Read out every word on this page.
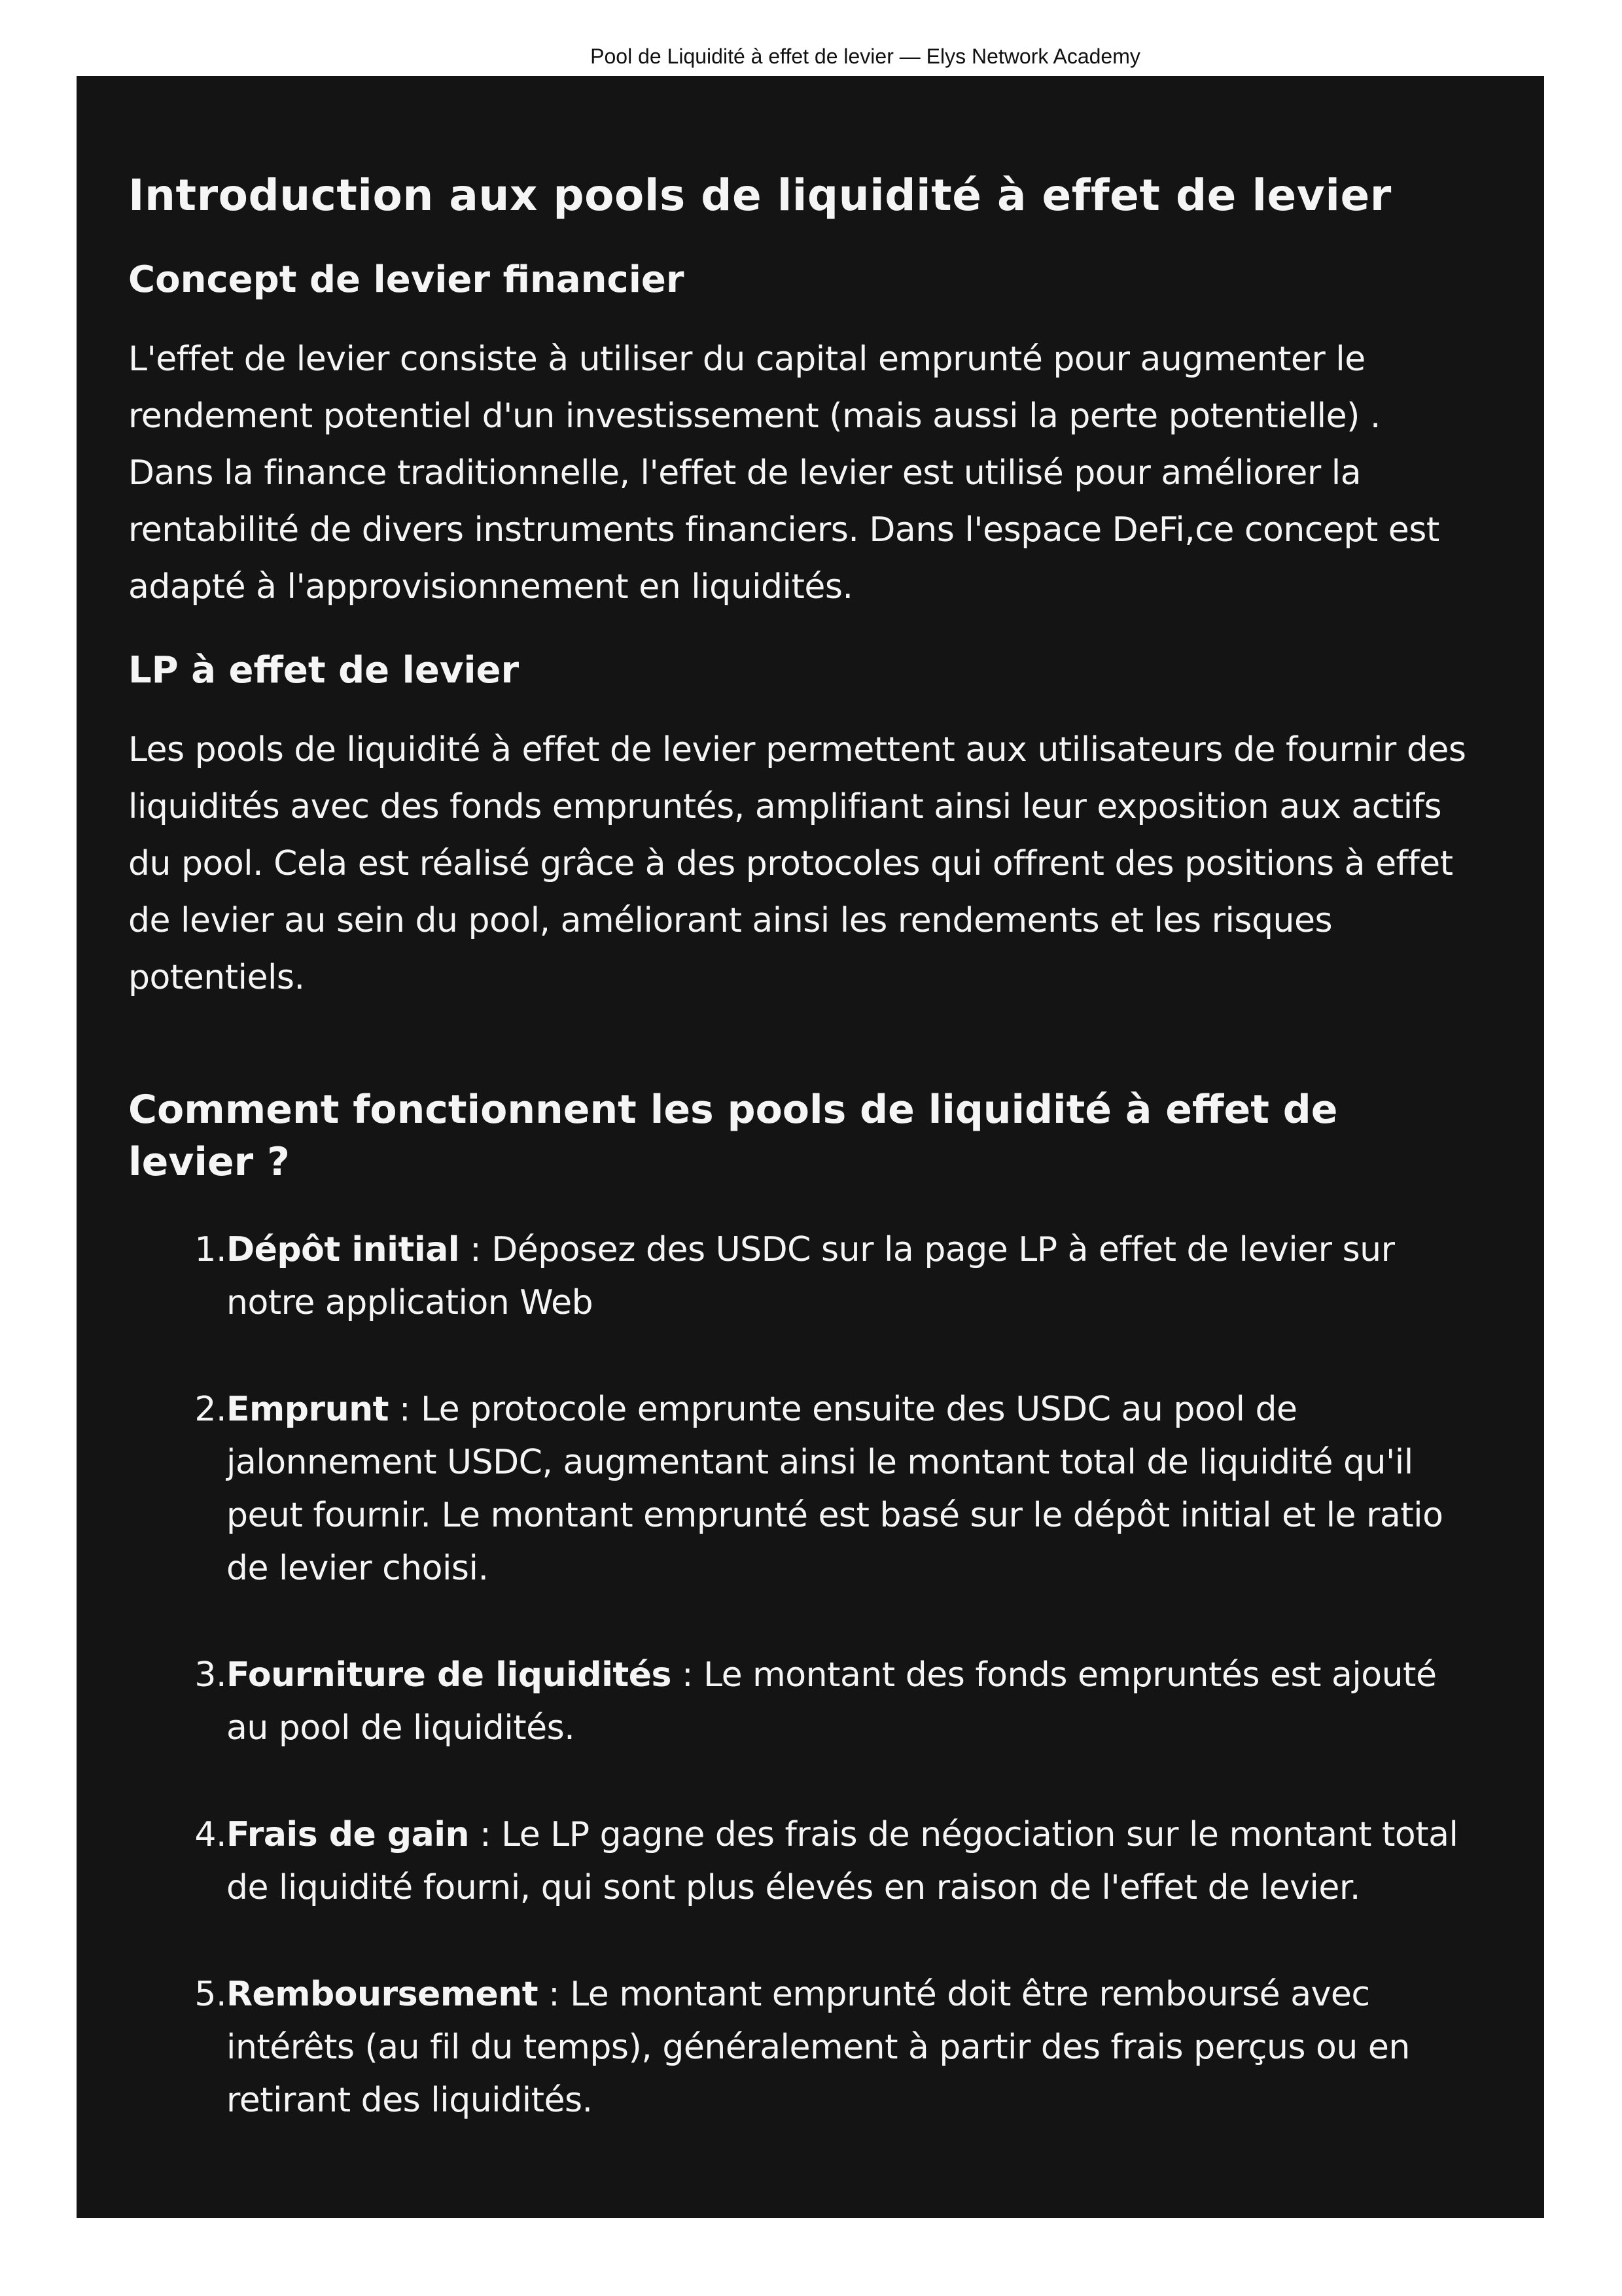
Pool de Liquidité à effet de levier — Elys Network Academy
Introduction aux pools de liquidité à effet de levier
Concept de levier financier

L'effet de levier consiste à utiliser du capital emprunté pour augmenter le rendement potentiel d'un investissement (mais aussi la perte potentielle) . Dans la finance traditionnelle, l'effet de levier est utilisé pour améliorer la rentabilité de divers instruments financiers. Dans l'espace DeFi,ce concept est adapté à l'approvisionnement en liquidités.

LP à effet de levier

Les pools de liquidité à effet de levier permettent aux utilisateurs de fournir des liquidités avec des fonds empruntés, amplifiant ainsi leur exposition aux actifs du pool. Cela est réalisé grâce à des protocoles qui offrent des positions à effet de levier au sein du pool, améliorant ainsi les rendements et les risques potentiels.

Comment fonctionnent les pools de liquidité à effet de levier ?
1. Dépôt initial : Déposez des USDC sur la page LP à effet de levier sur notre application Web
2. Emprunt : Le protocole emprunte ensuite des USDC au pool de jalonnement USDC, augmentant ainsi le montant total de liquidité qu'il peut fournir. Le montant emprunté est basé sur le dépôt initial et le ratio de levier choisi.
3. Fourniture de liquidités : Le montant des fonds empruntés est ajouté au pool de liquidités.
4. Frais de gain : Le LP gagne des frais de négociation sur le montant total de liquidité fourni, qui sont plus élevés en raison de l'effet de levier.
5. Remboursement : Le montant emprunté doit être remboursé avec intérêts (au fil du temps), généralement à partir des frais perçus ou en retirant des liquidités.
